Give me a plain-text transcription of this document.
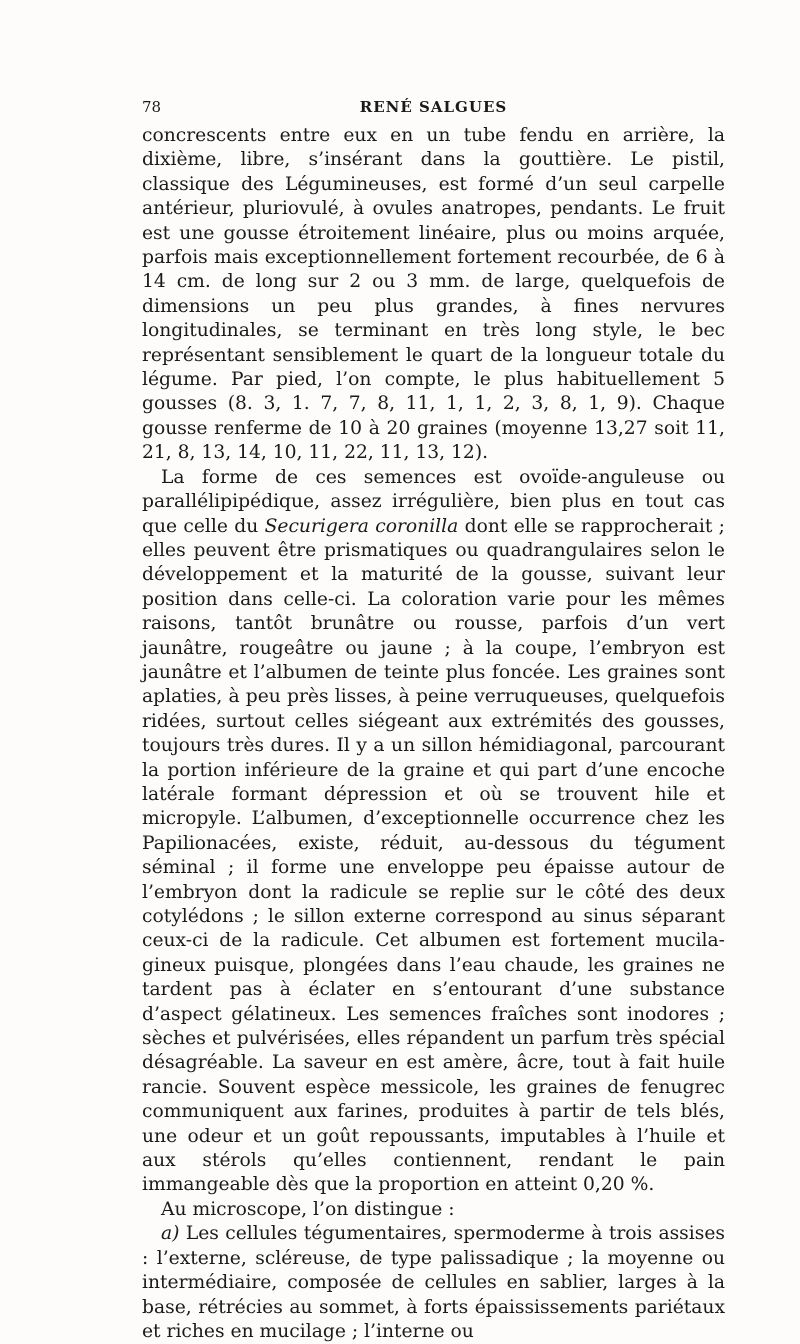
78	RENÉ SALGUES

concrescents entre eux en un tube fendu en arrière, la dixième, libre, s’insérant dans la gouttière. Le pistil, classique des Légumineuses, est formé d’un seul carpelle antérieur, pluriovulé, à ovules anatropes, pendants. Le fruit est une gousse étroitement linéaire, plus ou moins arquée, parfois mais exceptionnellement fortement recourbée, de 6 à 14 cm. de long sur 2 ou 3 mm. de large, quelquefois de dimensions un peu plus grandes, à fines nervures longitudinales, se terminant en très long style, le bec représentant sensiblement le quart de la longueur totale du légume. Par pied, l’on compte, le plus habituellement 5 gousses (8. 3, 1. 7, 7, 8, 11, 1, 1, 2, 3, 8, 1, 9). Chaque gousse renferme de 10 à 20 graines (moyenne 13,27 soit 11, 21, 8, 13, 14, 10, 11, 22, 11, 13, 12).

La forme de ces semences est ovoïde-anguleuse ou parallélipipédique, assez irrégulière, bien plus en tout cas que celle du Securigera coronilla dont elle se rapprocherait ; elles peuvent être prismatiques ou quadrangulaires selon le développement et la maturité de la gousse, suivant leur position dans celle-ci. La coloration varie pour les mêmes raisons, tantôt brunâtre ou rousse, parfois d’un vert jaunâtre, rougeâtre ou jaune ; à la coupe, l’embryon est jaunâtre et l’albumen de teinte plus foncée. Les graines sont aplaties, à peu près lisses, à peine verruqueuses, quelquefois ridées, surtout celles siégeant aux extrémités des gousses, toujours très dures. Il y a un sillon hémidiagonal, parcourant la portion inférieure de la graine et qui part d’une encoche latérale formant dépression et où se trouvent hile et micropyle. L’albumen, d’exceptionnelle occurrence chez les Papilionacées, existe, réduit, au-dessous du tégument séminal ; il forme une enveloppe peu épaisse autour de l’embryon dont la radicule se replie sur le côté des deux cotylédons ; le sillon externe correspond au sinus séparant ceux-ci de la radicule. Cet albumen est fortement mucilagineux puisque, plongées dans l’eau chaude, les graines ne tardent pas à éclater en s’entourant d’une substance d’aspect gélatineux. Les semences fraîches sont inodores ; sèches et pulvérisées, elles répandent un parfum très spécial désagréable. La saveur en est amère, âcre, tout à fait huile rancie. Souvent espèce messicole, les graines de fenugrec communiquent aux farines, produites à partir de tels blés, une odeur et un goût repoussants, imputables à l’huile et aux stérols qu’elles contiennent, rendant le pain immangeable dès que la proportion en atteint 0,20 %.

Au microscope, l’on distingue :

a) Les cellules tégumentaires, spermoderme à trois assises : l’externe, scléreuse, de type palissadique ; la moyenne ou intermédiaire, composée de cellules en sablier, larges à la base, rétrécies au sommet, à forts épaississements pariétaux et riches en mucilage ; l’interne ou
